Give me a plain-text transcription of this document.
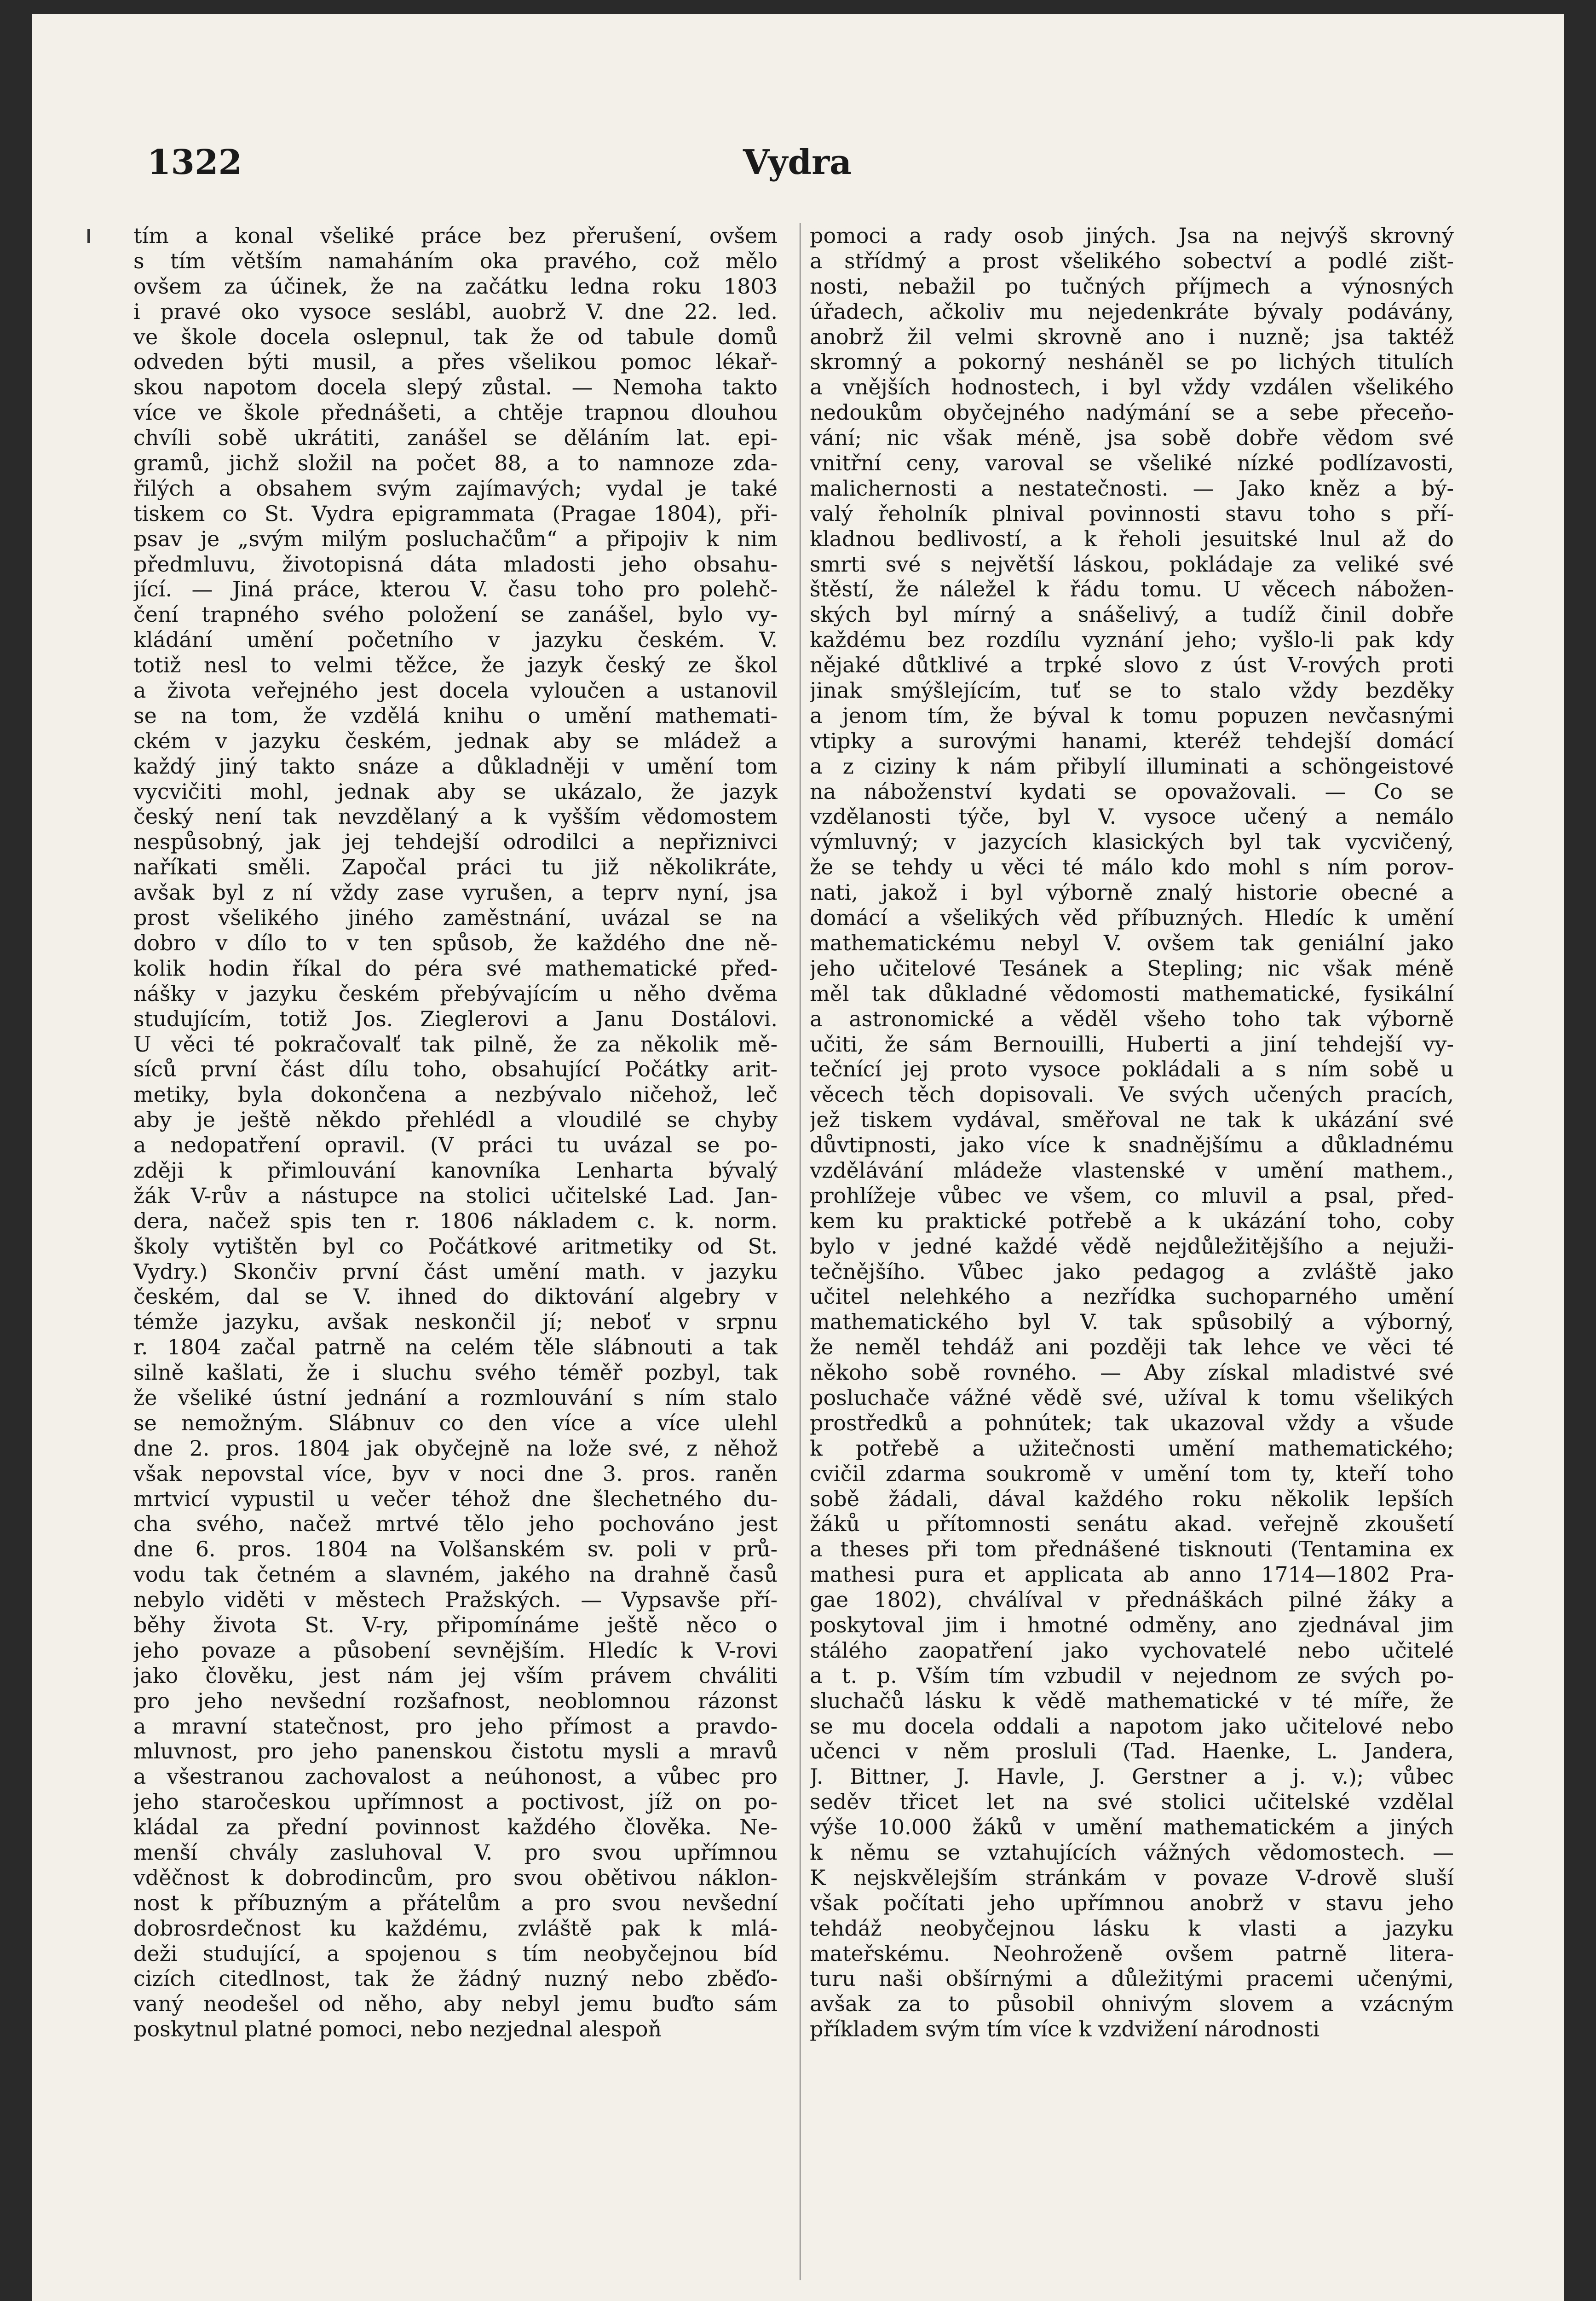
1322	Vydra
tím a konal všeliké práce bez přerušení, ovšem
s tím větším namaháním oka pravého, což mělo
ovšem za účinek, že na začátku ledna roku 1803
i pravé oko vysoce seslábl, auobrž V. dne 22. led.
ve škole docela oslepnul, tak že od tabule domů
odveden býti musil, a přes všelikou pomoc lékař-
skou napotom docela slepý zůstal. — Nemoha takto
více ve škole přednášeti, a chtěje trapnou dlouhou
chvíli sobě ukrátiti, zanášel se děláním lat. epi-
gramů, jichž složil na počet 88, a to namnoze zda-
řilých a obsahem svým zajímavých; vydal je také
tiskem co St. Vydra epigrammata (Pragae 1804), při-
psav je „svým milým posluchačům“ a připojiv k nim
předmluvu, životopisná dáta mladosti jeho obsahu-
jící. — Jiná práce, kterou V. času toho pro polehč-
čení trapného svého položení se zanášel, bylo vy-
kládání umění početního v jazyku českém. V.
totiž nesl to velmi těžce, že jazyk český ze škol
a života veřejného jest docela vyloučen a ustanovil
se na tom, že vzdělá knihu o umění mathemati-
ckém v jazyku českém, jednak aby se mládež a
každý jiný takto snáze a důkladněji v umění tom
vycvičiti mohl, jednak aby se ukázalo, že jazyk
český není tak nevzdělaný a k vyšším vědomostem
nespůsobný, jak jej tehdejší odrodilci a nepřiznivci
naříkati směli. Započal práci tu již několikráte,
avšak byl z ní vždy zase vyrušen, a teprv nyní, jsa
prost všelikého jiného zaměstnání, uvázal se na
dobro v dílo to v ten spůsob, že každého dne ně-
kolik hodin říkal do péra své mathematické před-
nášky v jazyku českém přebývajícím u něho dvěma
studujícím, totiž Jos. Zieglerovi a Janu Dostálovi.
U věci té pokračovalť tak pilně, že za několik mě-
síců první část dílu toho, obsahující Počátky arit-
metiky, byla dokončena a nezbývalo ničehož, leč
aby je ještě někdo přehlédl a vloudilé se chyby
a nedopatření opravil. (V práci tu uvázal se po-
zději k přimlouvání kanovníka Lenharta bývalý
žák V-rův a nástupce na stolici učitelské Lad. Jan-
dera, načež spis ten r. 1806 nákladem c. k. norm.
školy vytištěn byl co Počátkové aritmetiky od St.
Vydry.) Skončiv první část umění math. v jazyku
českém, dal se V. ihned do diktování algebry v
témže jazyku, avšak neskončil jí; neboť v srpnu
r. 1804 začal patrně na celém těle slábnouti a tak
silně kašlati, že i sluchu svého téměř pozbyl, tak
že všeliké ústní jednání a rozmlouvání s ním stalo
se nemožným. Slábnuv co den více a více ulehl
dne 2. pros. 1804 jak obyčejně na lože své, z něhož
však nepovstal více, byv v noci dne 3. pros. raněn
mrtvicí vypustil u večer téhož dne šlechetného du-
cha svého, načež mrtvé tělo jeho pochováno jest
dne 6. pros. 1804 na Volšanském sv. poli v prů-
vodu tak četném a slavném, jakého na drahně časů
nebylo viděti v městech Pražských. — Vypsavše pří-
běhy života St. V-ry, připomínáme ještě něco o
jeho povaze a působení sevnějším. Hledíc k V-rovi
jako člověku, jest nám jej vším právem chváliti
pro jeho nevšední rozšafnost, neoblomnou rázonst
a mravní statečnost, pro jeho přímost a pravdo-
mluvnost, pro jeho panenskou čistotu mysli a mravů
a všestranou zachovalost a neúhonost, a vůbec pro
jeho staročeskou upřímnost a poctivost, jíž on po-
kládal za přední povinnost každého člověka. Ne-
menší chvály zasluhoval V. pro svou upřímnou
vděčnost k dobrodincům, pro svou obětivou náklon-
nost k příbuzným a přátelům a pro svou nevšední
dobrosrdečnost ku každému, zvláště pak k mlá-
deži studující, a spojenou s tím neobyčejnou bíd
cizích citedlnost, tak že žádný nuzný nebo zběďo-
vaný neodešel od něho, aby nebyl jemu buďto sám
poskytnul platné pomoci, nebo nezjednal alespoň
pomoci a rady osob jiných. Jsa na nejvýš skrovný
a střídmý a prost všelikého sobectví a podlé zišt-
nosti, nebažil po tučných příjmech a výnosných
úřadech, ačkoliv mu nejedenkráte bývaly podávány,
anobrž žil velmi skrovně ano i nuzně; jsa taktéž
skromný a pokorný nesháněl se po lichých titulích
a vnějších hodnostech, i byl vždy vzdálen všelikého
nedoukům obyčejného nadýmání se a sebe přeceňo-
vání; nic však méně, jsa sobě dobře vědom své
vnitřní ceny, varoval se všeliké nízké podlízavosti,
malichernosti a nestatečnosti. — Jako kněz a bý-
valý řeholník plnival povinnosti stavu toho s pří-
kladnou bedlivostí, a k řeholi jesuitské lnul až do
smrti své s největší láskou, pokládaje za veliké své
štěstí, že náležel k řádu tomu. U věcech nábožen-
ských byl mírný a snášelivý, a tudíž činil dobře
každému bez rozdílu vyznání jeho; vyšlo-li pak kdy
nějaké důtklivé a trpké slovo z úst V-rových proti
jinak smýšlejícím, tuť se to stalo vždy bezděky
a jenom tím, že býval k tomu popuzen nevčasnými
vtipky a surovými hanami, kteréž tehdejší domácí
a z ciziny k nám přibylí illuminati a schöngeistové
na náboženství kydati se opovažovali. — Co se
vzdělanosti týče, byl V. vysoce učený a nemálo
výmluvný; v jazycích klasických byl tak vycvičený,
že se tehdy u věci té málo kdo mohl s ním porov-
nati, jakož i byl výborně znalý historie obecné a
domácí a všelikých věd příbuzných. Hledíc k umění
mathematickému nebyl V. ovšem tak geniální jako
jeho učitelové Tesánek a Stepling; nic však méně
měl tak důkladné vědomosti mathematické, fysikální
a astronomické a věděl všeho toho tak výborně
učiti, že sám Bernouilli, Huberti a jiní tehdejší vy-
tečnící jej proto vysoce pokládali a s ním sobě u
věcech těch dopisovali. Ve svých učených pracích,
jež tiskem vydával, směřoval ne tak k ukázání své
důvtipnosti, jako více k snadnějšímu a důkladnému
vzdělávání mládeže vlastenské v umění mathem.,
prohlížeje vůbec ve všem, co mluvil a psal, před-
kem ku praktické potřebě a k ukázání toho, coby
bylo v jedné každé vědě nejdůležitějšího a nejuži-
tečnějšího. Vůbec jako pedagog a zvláště jako
učitel nelehkého a nezřídka suchoparného umění
mathematického byl V. tak spůsobilý a výborný,
že neměl tehdáž ani později tak lehce ve věci té
někoho sobě rovného. — Aby získal mladistvé své
posluchače vážné vědě své, užíval k tomu všelikých
prostředků a pohnútek; tak ukazoval vždy a všude
k potřebě a užitečnosti umění mathematického;
cvičil zdarma soukromě v umění tom ty, kteří toho
sobě žádali, dával každého roku několik lepších
žáků u přítomnosti senátu akad. veřejně zkoušetí
a theses při tom přednášené tisknouti (Tentamina ex
mathesi pura et applicata ab anno 1714—1802 Pra-
gae 1802), chválíval v přednáškách pilné žáky a
poskytoval jim i hmotné odměny, ano zjednával jim
stálého zaopatření jako vychovatelé nebo učitelé
a t. p. Vším tím vzbudil v nejednom ze svých po-
sluchačů lásku k vědě mathematické v té míře, že
se mu docela oddali a napotom jako učitelové nebo
učenci v něm prosluli (Tad. Haenke, L. Jandera,
J. Bittner, J. Havle, J. Gerstner a j. v.); vůbec
seděv třicet let na své stolici učitelské vzdělal
výše 10.000 žáků v umění mathematickém a jiných
k němu se vztahujících vážných vědomostech. —
K nejskvělejším stránkám v povaze V-drově sluší
však počítati jeho upřímnou anobrž v stavu jeho
tehdáž neobyčejnou lásku k vlasti a jazyku
mateřskému. Neohroženě ovšem patrně litera-
turu naši obšírnými a důležitými pracemi učenými,
avšak za to působil ohnivým slovem a vzácným
příkladem svým tím více k vzdvižení národnosti
